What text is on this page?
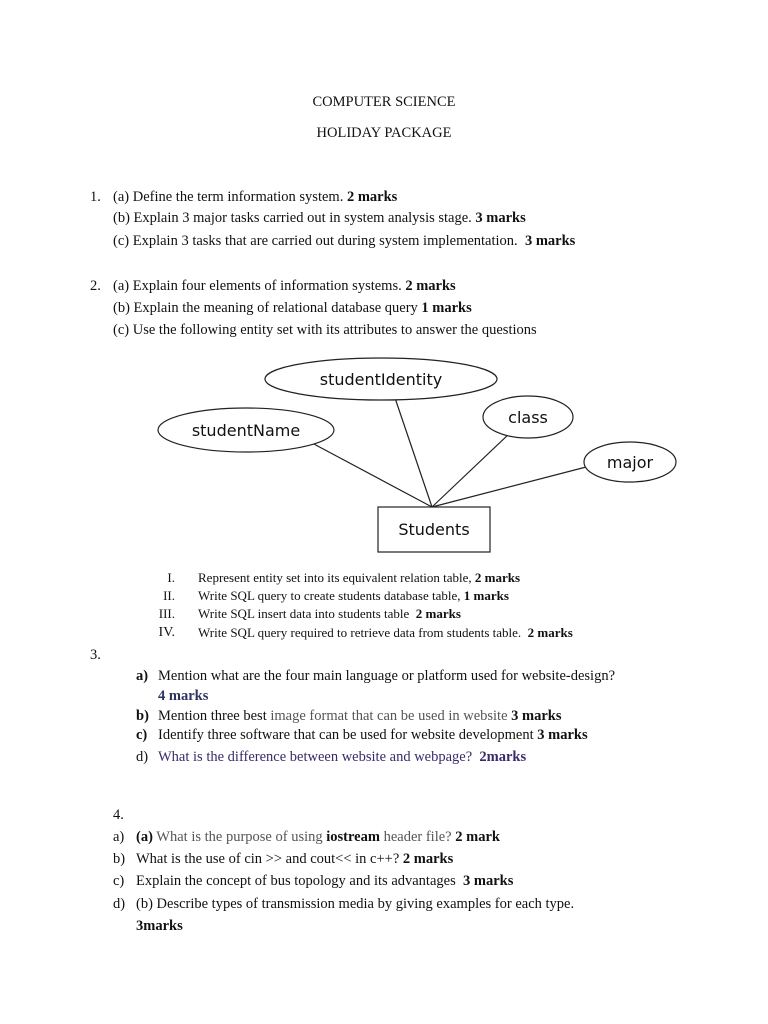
COMPUTER SCIENCE
HOLIDAY PACKAGE
1. (a) Define the term information system. 2 marks
(b) Explain 3 major tasks carried out in system analysis stage. 3 marks
(c) Explain 3 tasks that are carried out during system implementation. 3 marks
2. (a) Explain four elements of information systems. 2 marks
(b) Explain the meaning of relational database query 1 marks
(c) Use the following entity set with its attributes to answer the questions
studentIdentity
studentName
class
major
Students
I. Represent entity set into its equivalent relation table, 2 marks
II. Write SQL query to create students database table, 1 marks
III. Write SQL insert data into students table 2 marks
IV. Write SQL query required to retrieve data from students table. 2 marks
3.
a) Mention what are the four main language or platform used for website-design?
4 marks
b) Mention three best image format that can be used in website 3 marks
c) Identify three software that can be used for website development 3 marks
d) What is the difference between website and webpage? 2marks
4.
a) (a) What is the purpose of using iostream header file? 2 mark
b) What is the use of cin >> and cout<< in c++? 2 marks
c) Explain the concept of bus topology and its advantages 3 marks
d) (b) Describe types of transmission media by giving examples for each type.
3marks
